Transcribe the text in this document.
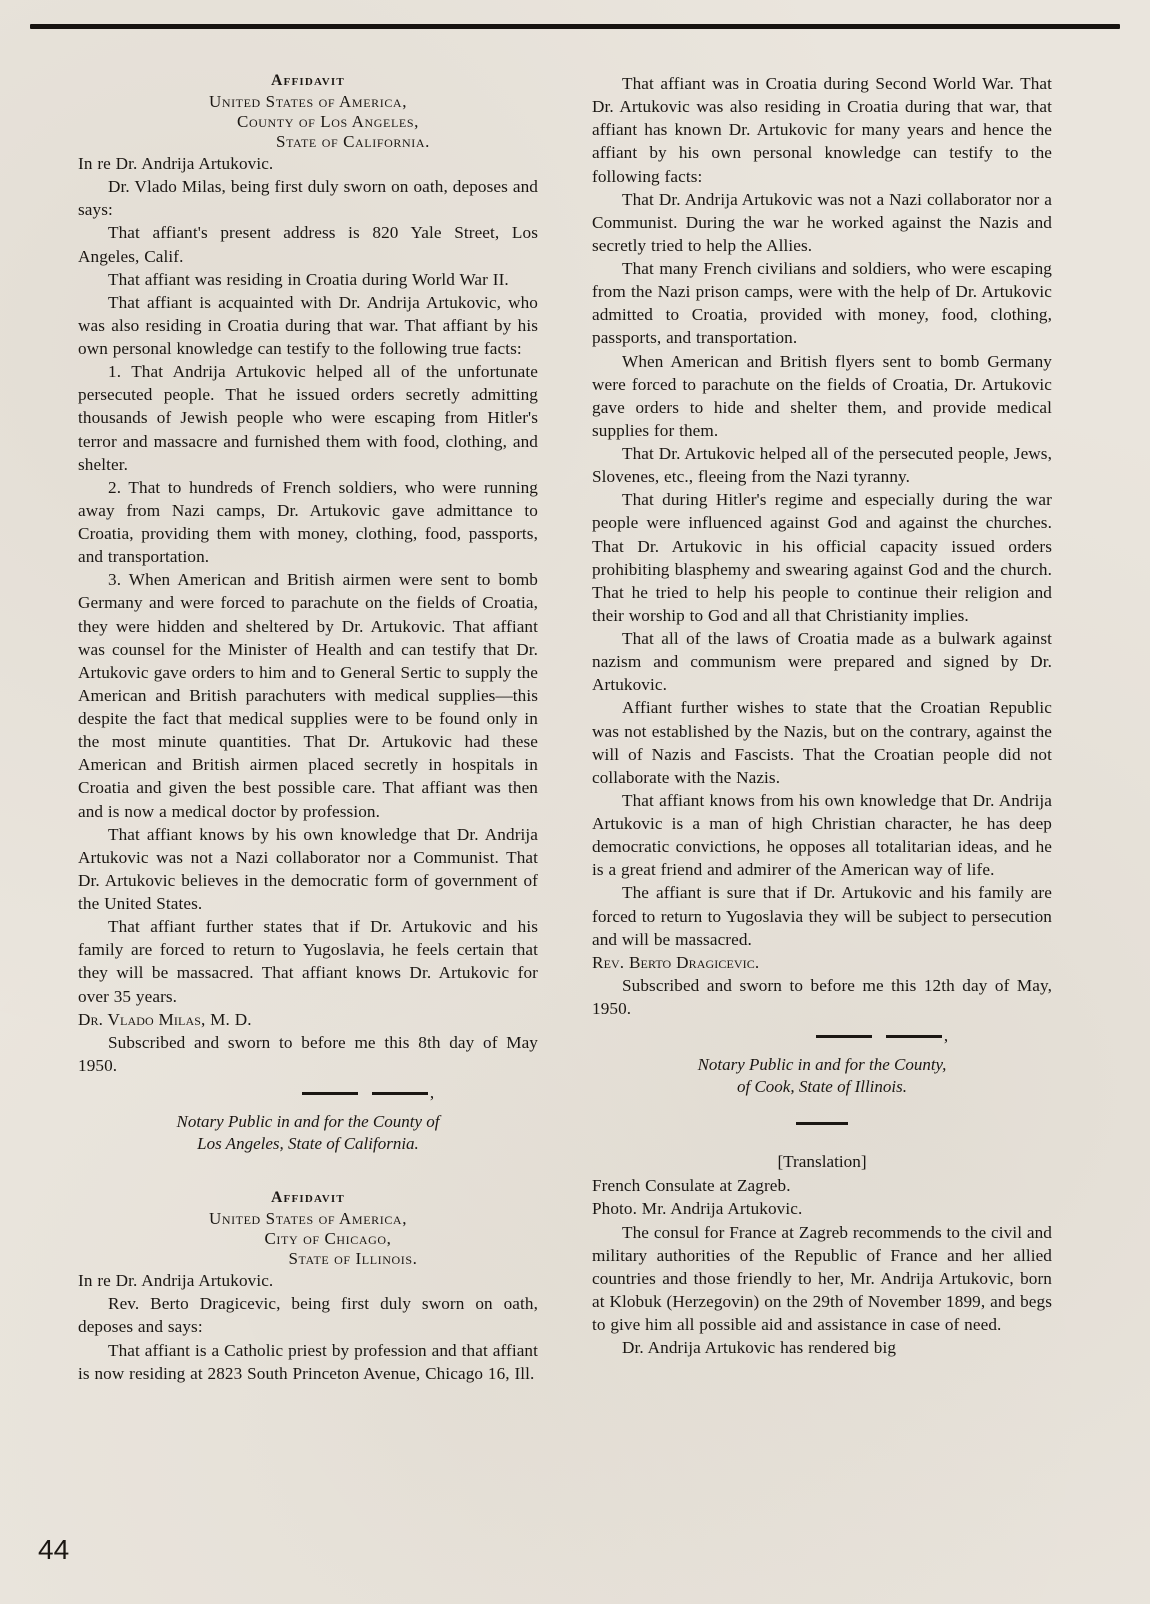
Affidavit
United States of America,
County of Los Angeles,
State of California.

In re Dr. Andrija Artukovic.

Dr. Vlado Milas, being first duly sworn on oath, deposes and says:

That affiant's present address is 820 Yale Street, Los Angeles, Calif.

That affiant was residing in Croatia during World War II.

That affiant is acquainted with Dr. Andrija Artukovic, who was also residing in Croatia during that war. That affiant by his own personal knowledge can testify to the following true facts:

1. That Andrija Artukovic helped all of the unfortunate persecuted people. That he issued orders secretly admitting thousands of Jewish people who were escaping from Hitler's terror and massacre and furnished them with food, clothing, and shelter.

2. That to hundreds of French soldiers, who were running away from Nazi camps, Dr. Artukovic gave admittance to Croatia, providing them with money, clothing, food, passports, and transportation.

3. When American and British airmen were sent to bomb Germany and were forced to parachute on the fields of Croatia, they were hidden and sheltered by Dr. Artukovic. That affiant was counsel for the Minister of Health and can testify that Dr. Artukovic gave orders to him and to General Sertic to supply the American and British parachuters with medical supplies—this despite the fact that medical supplies were to be found only in the most minute quantities. That Dr. Artukovic had these American and British airmen placed secretly in hospitals in Croatia and given the best possible care. That affiant was then and is now a medical doctor by profession.

That affiant knows by his own knowledge that Dr. Andrija Artukovic was not a Nazi collaborator nor a Communist. That Dr. Artukovic believes in the democratic form of government of the United States.

That affiant further states that if Dr. Artukovic and his family are forced to return to Yugoslavia, he feels certain that they will be massacred. That affiant knows Dr. Artukovic for over 35 years.

Dr. Vlado Milas, M. D.

Subscribed and sworn to before me this 8th day of May 1950.

,
Notary Public in and for the County of
Los Angeles, State of California.
Affidavit
United States of America,
City of Chicago,
State of Illinois.

In re Dr. Andrija Artukovic.

Rev. Berto Dragicevic, being first duly sworn on oath, deposes and says:

That affiant is a Catholic priest by profession and that affiant is now residing at 2823 South Princeton Avenue, Chicago 16, Ill.

That affiant was in Croatia during Second World War. That Dr. Artukovic was also residing in Croatia during that war, that affiant has known Dr. Artukovic for many years and hence the affiant by his own personal knowledge can testify to the following facts:

That Dr. Andrija Artukovic was not a Nazi collaborator nor a Communist. During the war he worked against the Nazis and secretly tried to help the Allies.

That many French civilians and soldiers, who were escaping from the Nazi prison camps, were with the help of Dr. Artukovic admitted to Croatia, provided with money, food, clothing, passports, and transportation.

When American and British flyers sent to bomb Germany were forced to parachute on the fields of Croatia, Dr. Artukovic gave orders to hide and shelter them, and provide medical supplies for them.

That Dr. Artukovic helped all of the persecuted people, Jews, Slovenes, etc., fleeing from the Nazi tyranny.

That during Hitler's regime and especially during the war people were influenced against God and against the churches. That Dr. Artukovic in his official capacity issued orders prohibiting blasphemy and swearing against God and the church. That he tried to help his people to continue their religion and their worship to God and all that Christianity implies.

That all of the laws of Croatia made as a bulwark against nazism and communism were prepared and signed by Dr. Artukovic.

Affiant further wishes to state that the Croatian Republic was not established by the Nazis, but on the contrary, against the will of Nazis and Fascists. That the Croatian people did not collaborate with the Nazis.

That affiant knows from his own knowledge that Dr. Andrija Artukovic is a man of high Christian character, he has deep democratic convictions, he opposes all totalitarian ideas, and he is a great friend and admirer of the American way of life.

The affiant is sure that if Dr. Artukovic and his family are forced to return to Yugoslavia they will be subject to persecution and will be massacred.

Rev. Berto Dragicevic.

Subscribed and sworn to before me this 12th day of May, 1950.

,
Notary Public in and for the County,
of Cook, State of Illinois.
[Translation]

French Consulate at Zagreb.

Photo. Mr. Andrija Artukovic.

The consul for France at Zagreb recommends to the civil and military authorities of the Republic of France and her allied countries and those friendly to her, Mr. Andrija Artukovic, born at Klobuk (Herzegovin) on the 29th of November 1899, and begs to give him all possible aid and assistance in case of need.

Dr. Andrija Artukovic has rendered big

44
